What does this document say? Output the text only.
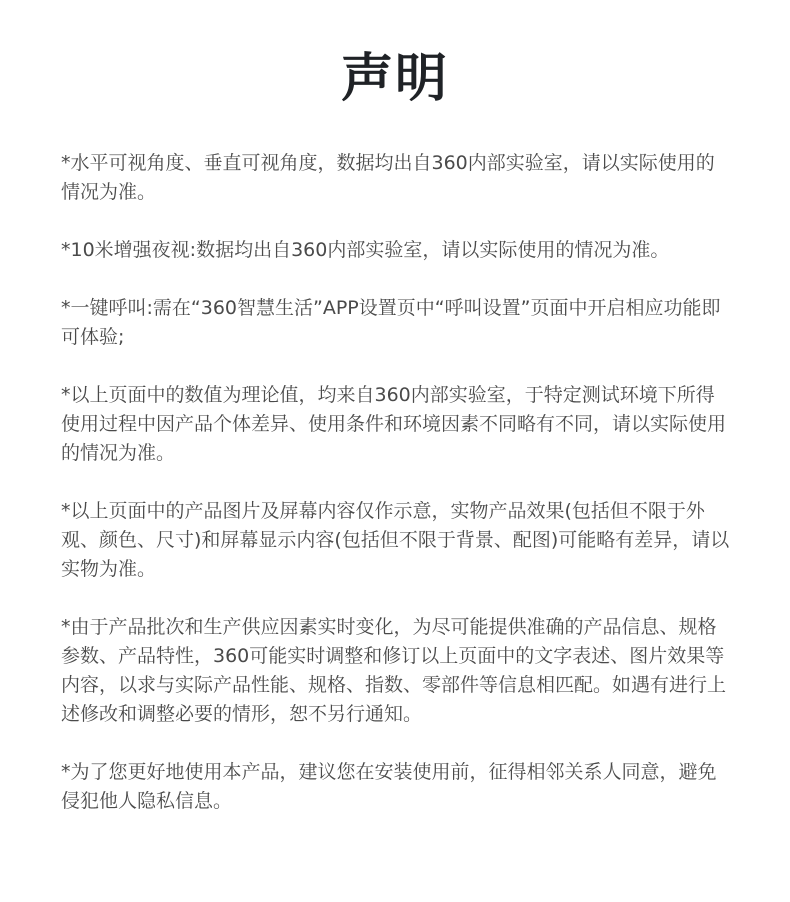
声明

*水平可视角度、垂直可视角度，数据均出自360内部实验室，请以实际使用的情况为准。

*10米增强夜视:数据均出自360内部实验室，请以实际使用的情况为准。

*一键呼叫:需在“360智慧生活”APP设置页中“呼叫设置”页面中开启相应功能即可体验;

*以上页面中的数值为理论值，均来自360内部实验室，于特定测试环境下所得使用过程中因产品个体差异、使用条件和环境因素不同略有不同，请以实际使用的情况为准。

*以上页面中的产品图片及屏幕内容仅作示意，实物产品效果(包括但不限于外观、颜色、尺寸)和屏幕显示内容(包括但不限于背景、配图)可能略有差异，请以实物为准。

*由于产品批次和生产供应因素实时变化，为尽可能提供准确的产品信息、规格参数、产品特性，360可能实时调整和修订以上页面中的文字表述、图片效果等内容，以求与实际产品性能、规格、指数、零部件等信息相匹配。如遇有进行上述修改和调整必要的情形，恕不另行通知。

*为了您更好地使用本产品，建议您在安装使用前，征得相邻关系人同意，避免侵犯他人隐私信息。
